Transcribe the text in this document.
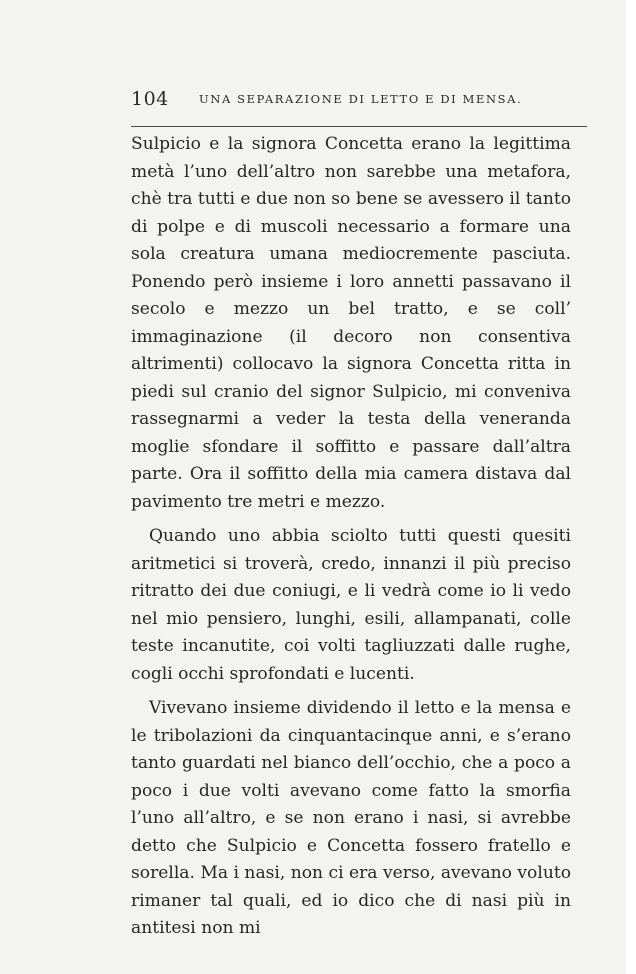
104	UNA SEPARAZIONE DI LETTO E DI MENSA.

Sulpicio e la signora Concetta erano la legittima metà l’uno dell’altro non sarebbe una metafora, chè tra tutti e due non so bene se avessero il tanto di polpe e di muscoli necessario a formare una sola creatura umana mediocremente pasciuta. Ponendo però insieme i loro annetti passavano il secolo e mezzo un bel tratto, e se coll’ immaginazione (il decoro non consentiva altrimenti) collocavo la signora Concetta ritta in piedi sul cranio del signor Sulpicio, mi conveniva rassegnarmi a veder la testa della veneranda moglie sfondare il soffitto e passare dall’altra parte. Ora il soffitto della mia camera distava dal pavimento tre metri e mezzo.

Quando uno abbia sciolto tutti questi quesiti aritmetici si troverà, credo, innanzi il più preciso ritratto dei due coniugi, e li vedrà come io li vedo nel mio pensiero, lunghi, esili, allampanati, colle teste incanutite, coi volti tagliuzzati dalle rughe, cogli occhi sprofondati e lucenti.

Vivevano insieme dividendo il letto e la mensa e le tribolazioni da cinquantacinque anni, e s’erano tanto guardati nel bianco dell’occhio, che a poco a poco i due volti avevano come fatto la smorfia l’uno all’altro, e se non erano i nasi, si avrebbe detto che Sulpicio e Concetta fossero fratello e sorella. Ma i nasi, non ci era verso, avevano voluto rimaner tal quali, ed io dico che di nasi più in antitesi non mi
